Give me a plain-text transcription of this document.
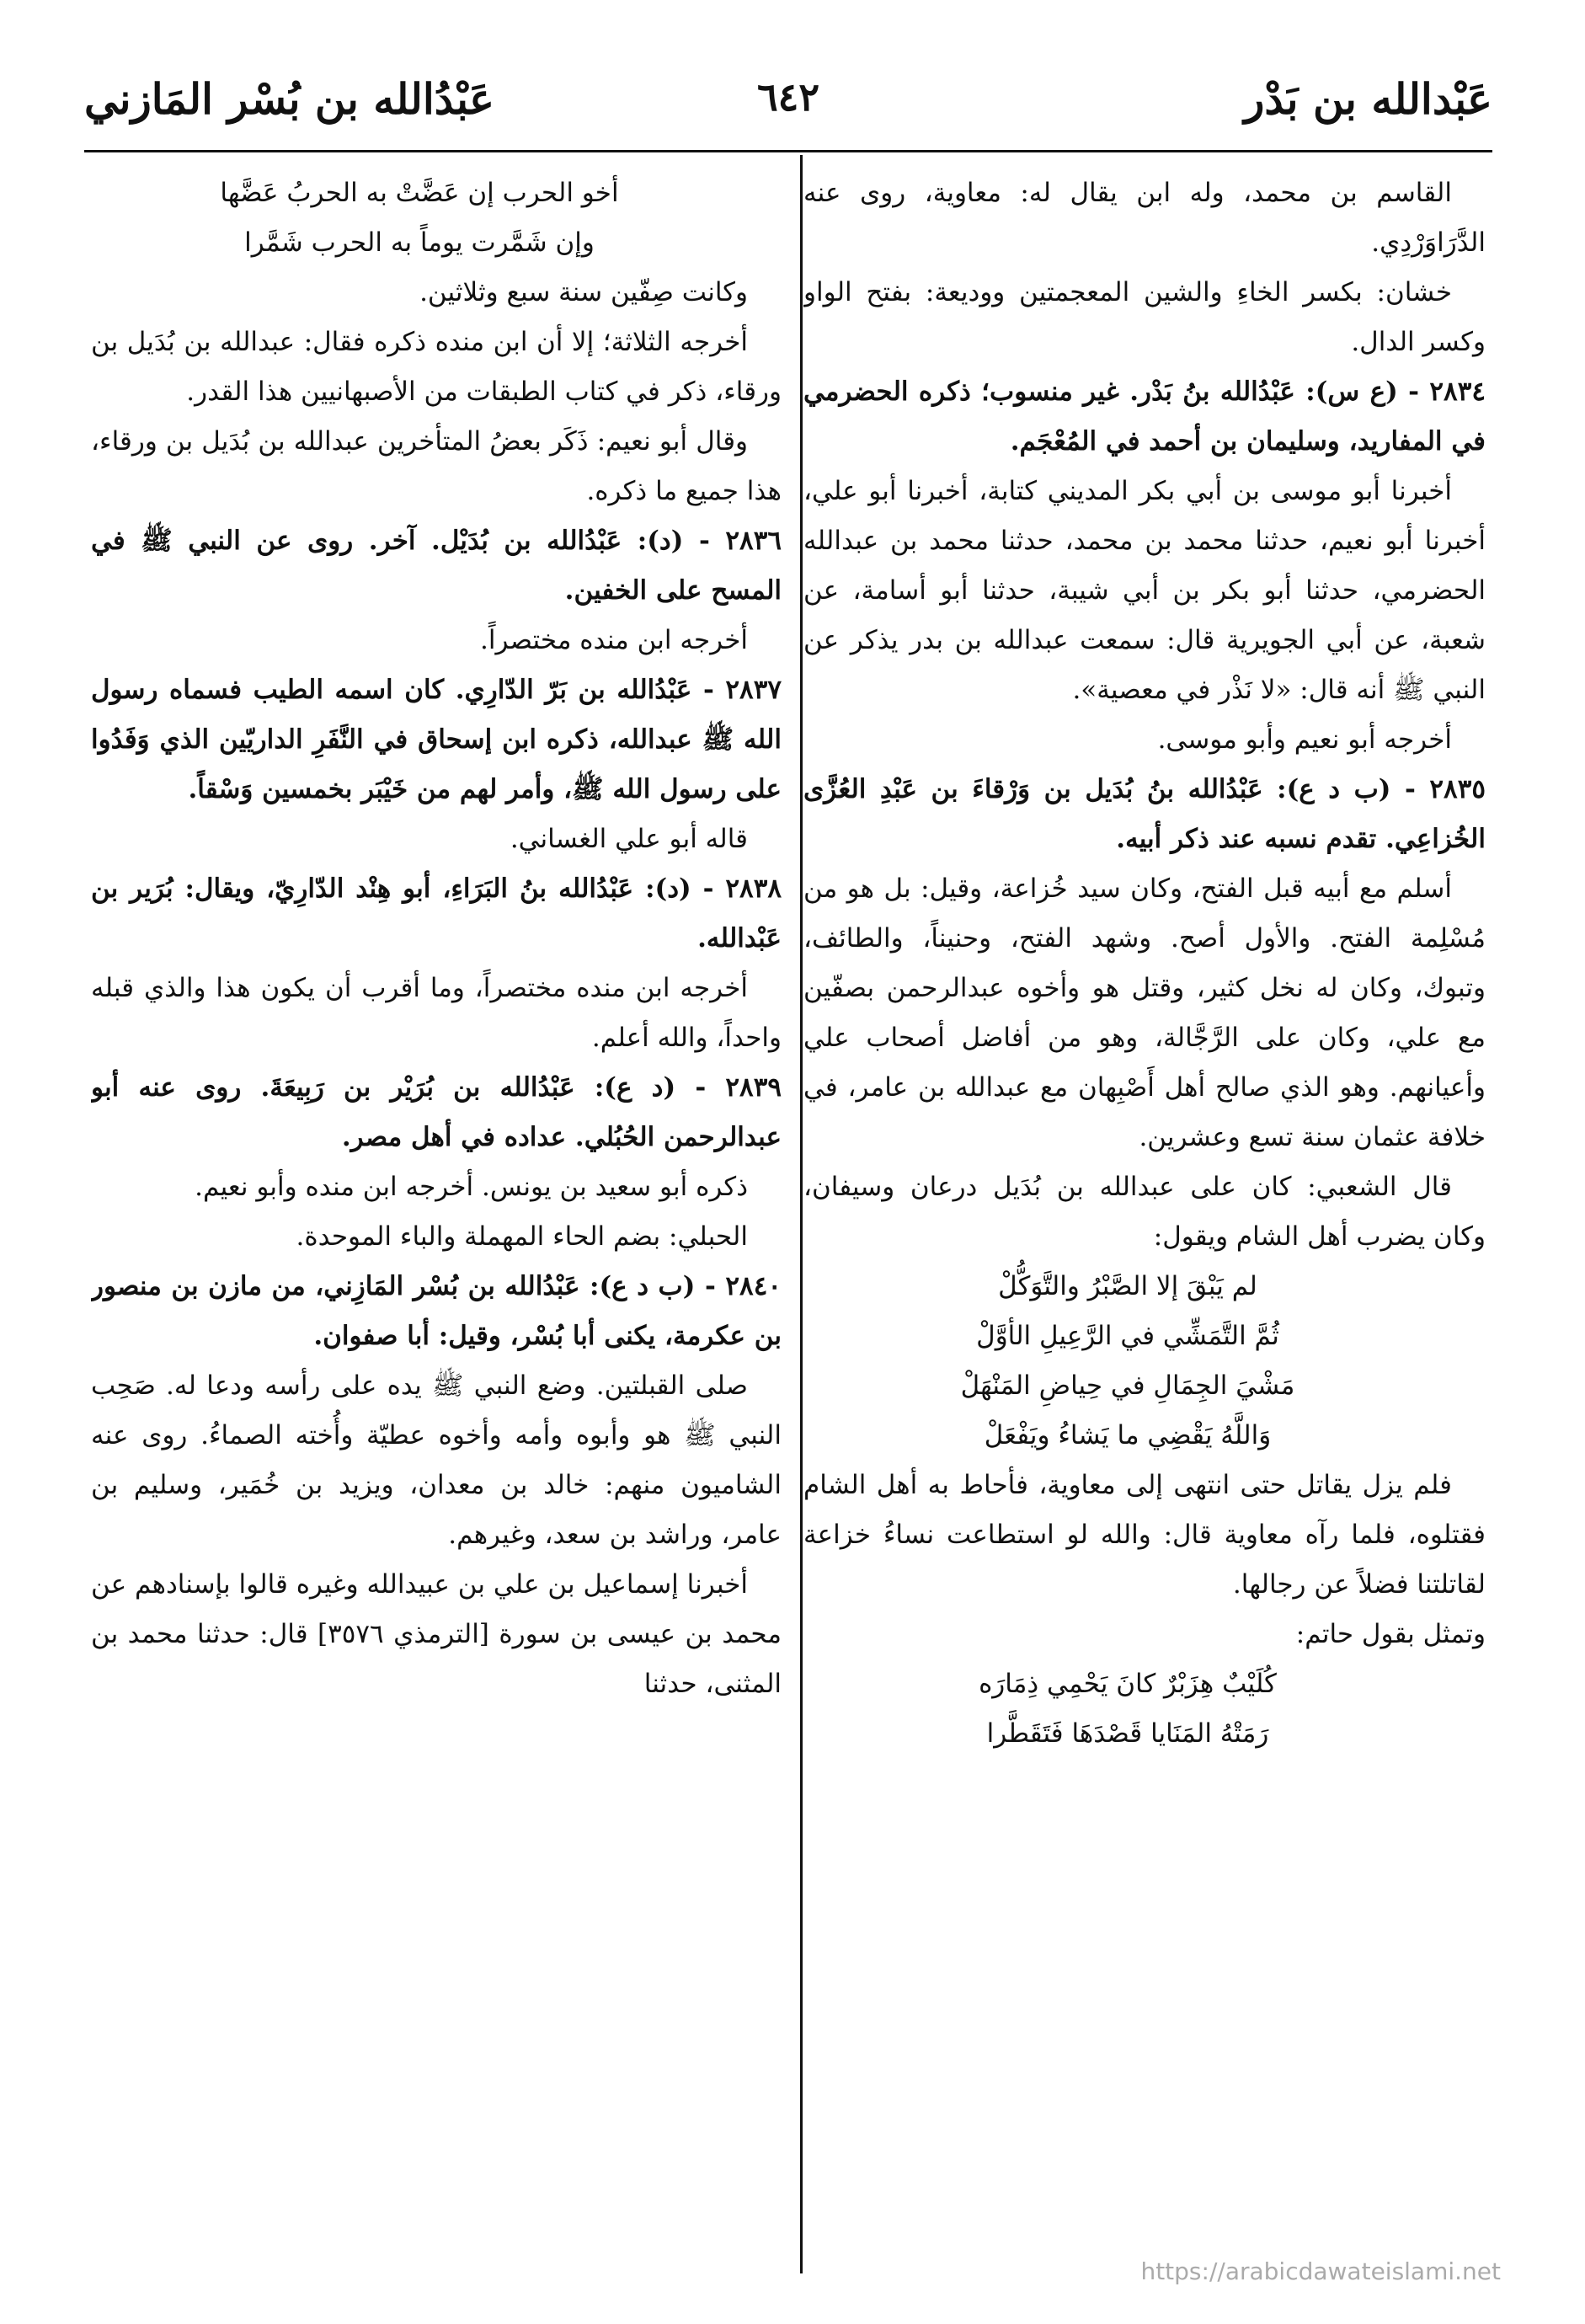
عَبْدالله بن بَدْر
٦٤٢
عَبْدُالله بن بُسْر المَازني

القاسم بن محمد، وله ابن يقال له: معاوية، روى عنه الدَّرَاوَرْدِي.

خشان: بكسر الخاءِ والشين المعجمتين ووديعة: بفتح الواو وكسر الدال.

٢٨٣٤ - (ع س): عَبْدُالله بنُ بَدْر. غير منسوب؛ ذكره الحضرمي في المفاريد، وسليمان بن أحمد في المُعْجَم.

أخبرنا أبو موسى بن أبي بكر المديني كتابة، أخبرنا أبو علي، أخبرنا أبو نعيم، حدثنا محمد بن محمد، حدثنا محمد بن عبدالله الحضرمي، حدثنا أبو بكر بن أبي شيبة، حدثنا أبو أسامة، عن شعبة، عن أبي الجويرية قال: سمعت عبدالله بن بدر يذكر عن النبي ﷺ أنه قال: «لا نَذْر في معصية».

أخرجه أبو نعيم وأبو موسى.

٢٨٣٥ - (ب د ع): عَبْدُالله بنُ بُدَيل بن وَرْقاءَ بن عَبْدِ العُزَّى الخُزاعِي. تقدم نسبه عند ذكر أبيه.

أسلم مع أبيه قبل الفتح، وكان سيد خُزاعة، وقيل: بل هو من مُسْلِمة الفتح. والأول أصح. وشهد الفتح، وحنيناً، والطائف، وتبوك، وكان له نخل كثير، وقتل هو وأخوه عبدالرحمن بصفّين مع علي، وكان على الرَّجَّالة، وهو من أفاضل أصحاب علي وأعيانهم. وهو الذي صالح أهل أَصْبِهان مع عبدالله بن عامر، في خلافة عثمان سنة تسع وعشرين.

قال الشعبي: كان على عبدالله بن بُدَيل درعان وسيفان، وكان يضرب أهل الشام ويقول:

لم يَبْقَ إلا الصَّبْرُ والتَّوَكُّلْ

ثُمَّ التَّمَشِّي في الرَّعِيلِ الأوَّلْ

مَشْيَ الجِمَالِ في حِياضِ المَنْهَلْ

وَاللَّهُ يَقْضِي ما يَشاءُ ويَفْعَلْ

فلم يزل يقاتل حتى انتهى إلى معاوية، فأحاط به أهل الشام فقتلوه، فلما رآه معاوية قال: والله لو استطاعت نساءُ خزاعة لقاتلتنا فضلاً عن رجالها.

وتمثل بقول حاتم:

كُلَيْبٌ هِزَبْرٌ كانَ يَحْمِي ذِمَارَه

رَمَتْهُ المَنَايا قَصْدَهَا فَتَقَطَّرا

أخو الحرب إن عَضَّتْ به الحربُ عَضَّها

وإن شَمَّرت يوماً به الحرب شَمَّرا

وكانت صِفّين سنة سبع وثلاثين.

أخرجه الثلاثة؛ إلا أن ابن منده ذكره فقال: عبدالله بن بُدَيل بن ورقاء، ذكر في كتاب الطبقات من الأصبهانيين هذا القدر.

وقال أبو نعيم: ذَكَر بعضُ المتأخرين عبدالله بن بُدَيل بن ورقاء، هذا جميع ما ذكره.

٢٨٣٦ - (د): عَبْدُالله بن بُدَيْل. آخر. روى عن النبي ﷺ في المسح على الخفين.

أخرجه ابن منده مختصراً.

٢٨٣٧ - عَبْدُالله بن بَرّ الدّارِي. كان اسمه الطيب فسماه رسول الله ﷺ عبدالله، ذكره ابن إسحاق في النَّفَرِ الداريّين الذي وَفَدُوا على رسول الله ﷺ، وأمر لهم من خَيْبَر بخمسين وَسْقاً.

قاله أبو علي الغساني.

٢٨٣٨ - (د): عَبْدُالله بنُ البَرَاءِ، أبو هِنْد الدّارِيّ، ويقال: بُرَير بن عَبْدالله.

أخرجه ابن منده مختصراً، وما أقرب أن يكون هذا والذي قبله واحداً، والله أعلم.

٢٨٣٩ - (د ع): عَبْدُالله بن بُرَيْر بن رَبِيعَةَ. روى عنه أبو عبدالرحمن الحُبُلي. عداده في أهل مصر.

ذكره أبو سعيد بن يونس. أخرجه ابن منده وأبو نعيم.

الحبلي: بضم الحاء المهملة والباء الموحدة.

٢٨٤٠ - (ب د ع): عَبْدُالله بن بُسْر المَازِني، من مازن بن منصور بن عكرمة، يكنى أبا بُسْر، وقيل: أبا صفوان.

صلى القبلتين. وضع النبي ﷺ يده على رأسه ودعا له. صَحِب النبي ﷺ هو وأبوه وأمه وأخوه عطيّة وأُخته الصماءُ. روى عنه الشاميون منهم: خالد بن معدان، ويزيد بن خُمَير، وسليم بن عامر، وراشد بن سعد، وغيرهم.

أخبرنا إسماعيل بن علي بن عبيدالله وغيره قالوا بإسنادهم عن محمد بن عيسى بن سورة [الترمذي ٣٥٧٦] قال: حدثنا محمد بن المثنى، حدثنا

https://arabicdawateislami.net
